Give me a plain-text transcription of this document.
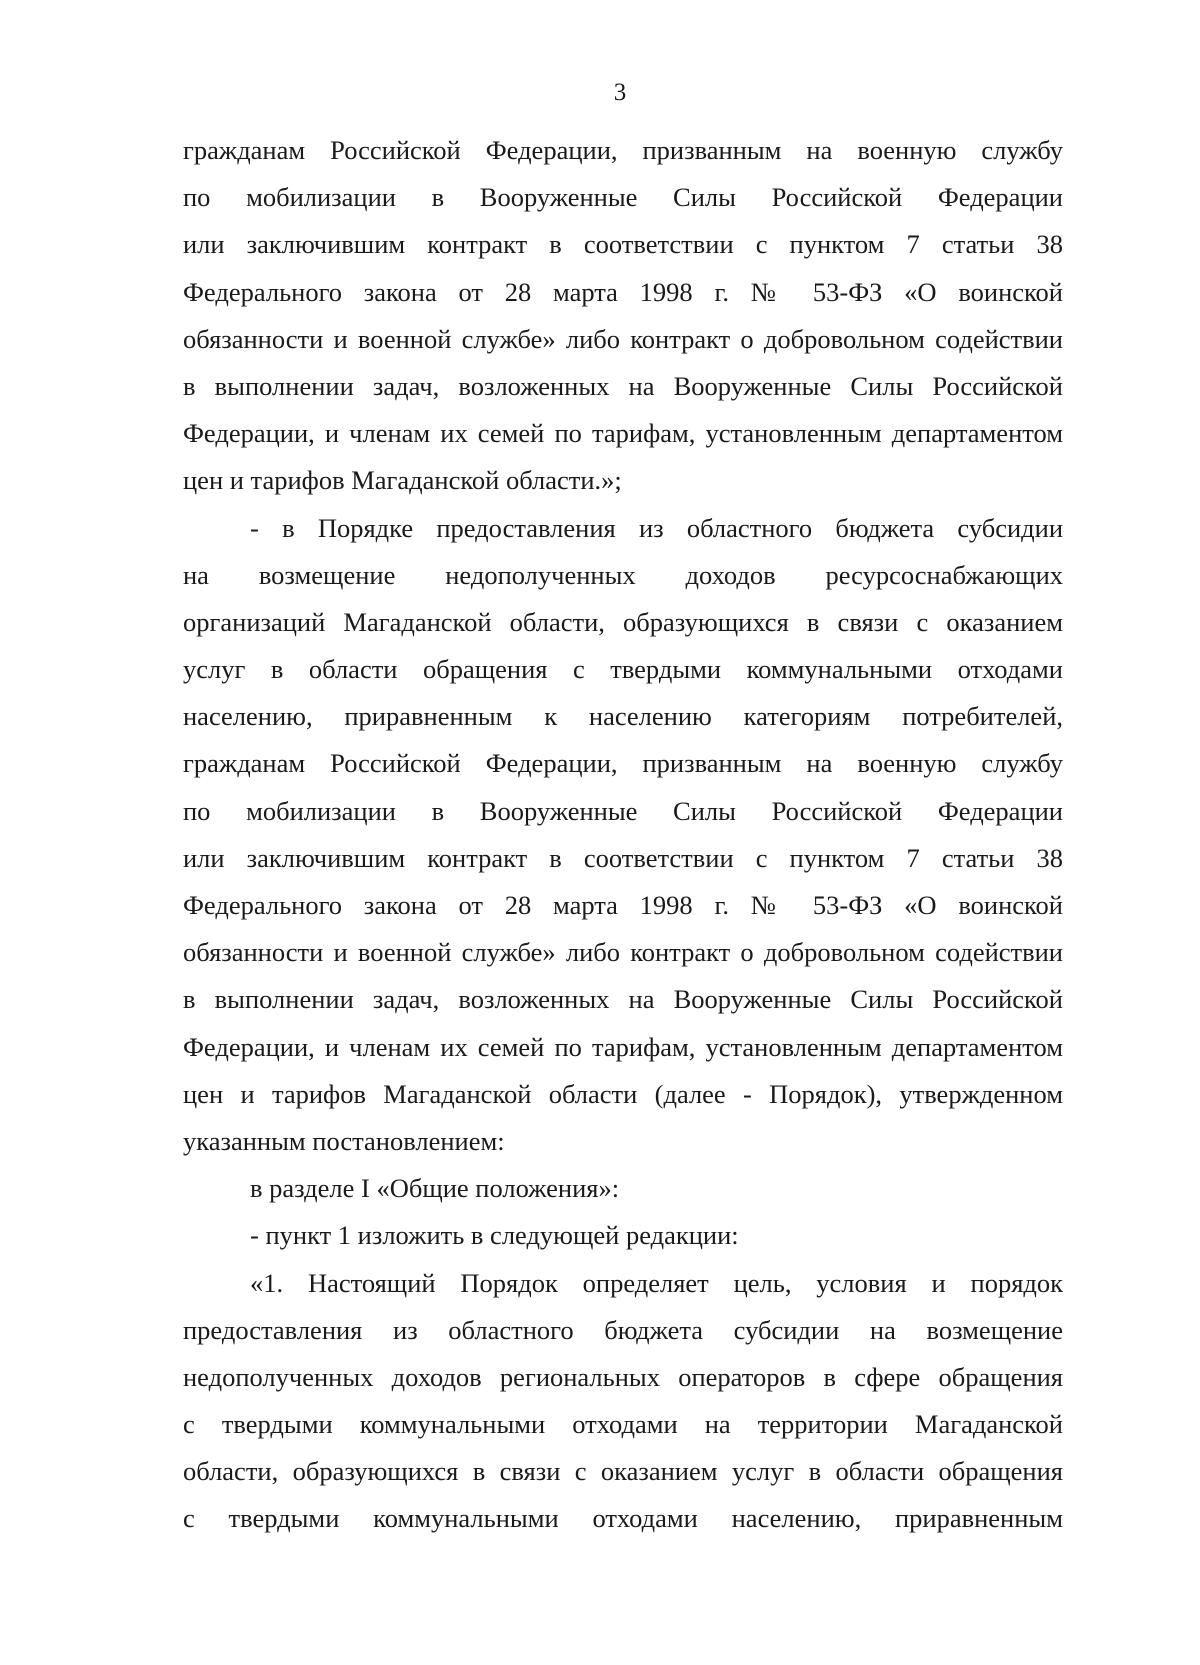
3
гражданам Российской Федерации, призванным на военную службу
по мобилизации в Вооруженные Силы Российской Федерации
или заключившим контракт в соответствии с пунктом 7 статьи 38
Федерального закона от 28 марта 1998 г. № 53-ФЗ «О воинской
обязанности и военной службе» либо контракт о добровольном содействии
в выполнении задач, возложенных на Вооруженные Силы Российской
Федерации, и членам их семей по тарифам, установленным департаментом
цен и тарифов Магаданской области.»;
- в Порядке предоставления из областного бюджета субсидии
на возмещение недополученных доходов ресурсоснабжающих
организаций Магаданской области, образующихся в связи с оказанием
услуг в области обращения с твердыми коммунальными отходами
населению, приравненным к населению категориям потребителей,
гражданам Российской Федерации, призванным на военную службу
по мобилизации в Вооруженные Силы Российской Федерации
или заключившим контракт в соответствии с пунктом 7 статьи 38
Федерального закона от 28 марта 1998 г. № 53-ФЗ «О воинской
обязанности и военной службе» либо контракт о добровольном содействии
в выполнении задач, возложенных на Вооруженные Силы Российской
Федерации, и членам их семей по тарифам, установленным департаментом
цен и тарифов Магаданской области (далее - Порядок), утвержденном
указанным постановлением:
в разделе I «Общие положения»:
- пункт 1 изложить в следующей редакции:
«1. Настоящий Порядок определяет цель, условия и порядок
предоставления из областного бюджета субсидии на возмещение
недополученных доходов региональных операторов в сфере обращения
с твердыми коммунальными отходами на территории Магаданской
области, образующихся в связи с оказанием услуг в области обращения
с твердыми коммунальными отходами населению, приравненным
